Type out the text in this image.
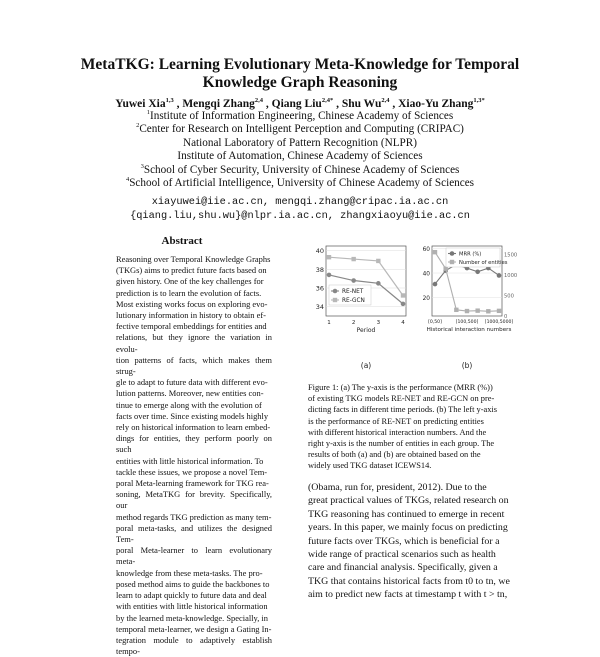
MetaTKG: Learning Evolutionary Meta-Knowledge for Temporal
Knowledge Graph Reasoning
Yuwei Xia$^{1,3}$ , Mengqi Zhang$^{2,4}$ , Qiang Liu$^{2,4*}$ , Shu Wu$^{2,4}$ , Xiao-Yu Zhang$^{1,3*}$
$^1$Institute of Information Engineering, Chinese Academy of Sciences
$^2$Center for Research on Intelligent Perception and Computing (CRIPAC)
National Laboratory of Pattern Recognition (NLPR)
Institute of Automation, Chinese Academy of Sciences
$^3$School of Cyber Security, University of Chinese Academy of Sciences
$^4$School of Artificial Intelligence, University of Chinese Academy of Sciences
xiayuwei@iie.ac.cn, mengqi.zhang@cripac.ia.ac.cn
{qiang.liu,shu.wu}@nlpr.ia.ac.cn, zhangxiaoyu@iie.ac.cn
Abstract
Reasoning over Temporal Knowledge Graphs
(TKGs) aims to predict future facts based on
given history. One of the key challenges for
prediction is to learn the evolution of facts.
Most existing works focus on exploring evo-
lutionary information in history to obtain ef-
fective temporal embeddings for entities and
relations, but they ignore the variation in evolu-
tion patterns of facts, which makes them strug-
gle to adapt to future data with different evo-
lution patterns. Moreover, new entities con-
tinue to emerge along with the evolution of
facts over time. Since existing models highly
rely on historical information to learn embed-
dings for entities, they perform poorly on such
entities with little historical information. To
tackle these issues, we propose a novel Tem-
poral Meta-learning framework for TKG rea-
soning, MetaTKG for brevity. Specifically, our
method regards TKG prediction as many tem-
poral meta-tasks, and utilizes the designed Tem-
poral Meta-learner to learn evolutionary meta-
knowledge from these meta-tasks. The pro-
posed method aims to guide the backbones to
learn to adapt quickly to future data and deal
with entities with little historical information
by the learned meta-knowledge. Specially, in
temporal meta-learner, we design a Gating In-
tegration module to adaptively establish tempo-
34
36
38
40
1	2	3	4
Period
RE-NET
RE-GCN
(a)
20
40
60
0
500
1000
1500
[0,50]	[100,500] [1000,5000]
Historical interaction numbers
MRR (%)
Number of entities
(b)
Figure 1: (a) The y-axis is the performance (MRR (%))
of existing TKG models RE-NET and RE-GCN on pre-
dicting facts in different time periods. (b) The left y-axis
is the performance of RE-NET on predicting entities
with different historical interaction numbers. And the
right y-axis is the number of entities in each group. The
results of both (a) and (b) are obtained based on the
widely used TKG dataset ICEWS14.
(Obama, run for, president, 2012). Due to the
great practical values of TKGs, related research on
TKG reasoning has continued to emerge in recent
years. In this paper, we mainly focus on predicting
future facts over TKGs, which is beneficial for a
wide range of practical scenarios such as health
care and financial analysis. Specifically, given a
TKG that contains historical facts from t0 to tn, we
aim to predict new facts at timestamp t with t > tn,
